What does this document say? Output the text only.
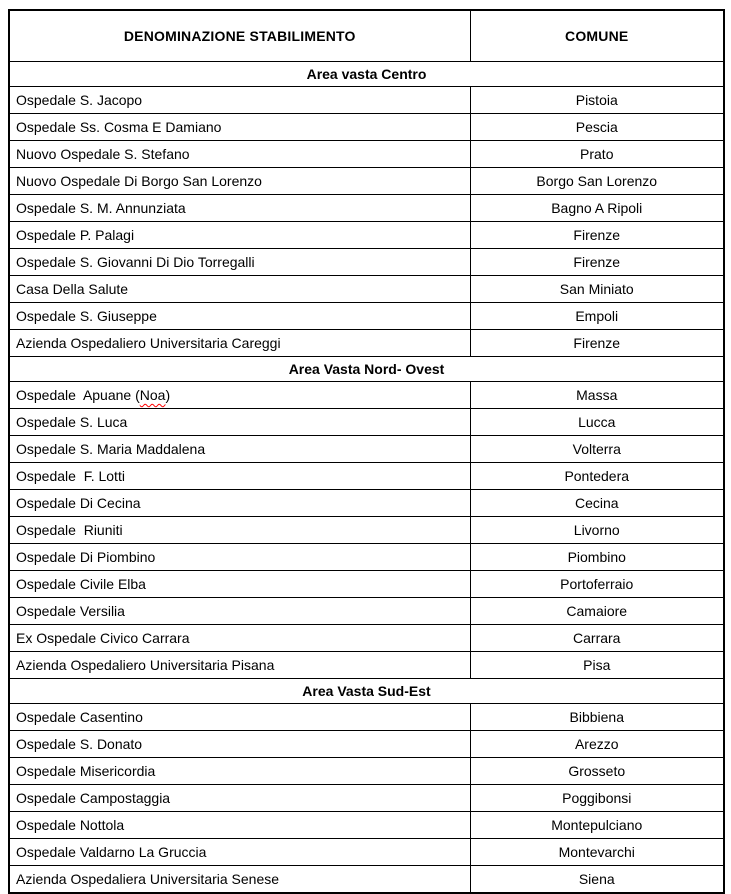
DENOMINAZIONE STABILIMENTO	COMUNE
Area vasta Centro	
Ospedale S. Jacopo	Pistoia
Ospedale Ss. Cosma E Damiano	Pescia
Nuovo Ospedale S. Stefano	Prato
Nuovo Ospedale Di Borgo San Lorenzo	Borgo San Lorenzo
Ospedale S. M. Annunziata	Bagno A Ripoli
Ospedale P. Palagi	Firenze
Ospedale S. Giovanni Di Dio Torregalli	Firenze
Casa Della Salute	San Miniato
Ospedale S. Giuseppe	Empoli
Azienda Ospedaliero Universitaria Careggi	Firenze
Area Vasta Nord- Ovest	
Ospedale  Apuane (Noa)	Massa
Ospedale S. Luca	Lucca
Ospedale S. Maria Maddalena	Volterra
Ospedale  F. Lotti	Pontedera
Ospedale Di Cecina	Cecina
Ospedale  Riuniti	Livorno
Ospedale Di Piombino	Piombino
Ospedale Civile Elba	Portoferraio
Ospedale Versilia	Camaiore
Ex Ospedale Civico Carrara	Carrara
Azienda Ospedaliero Universitaria Pisana	Pisa
Area Vasta Sud-Est	
Ospedale Casentino	Bibbiena
Ospedale S. Donato	Arezzo
Ospedale Misericordia	Grosseto
Ospedale Campostaggia	Poggibonsi
Ospedale Nottola	Montepulciano
Ospedale Valdarno La Gruccia	Montevarchi
Azienda Ospedaliera Universitaria Senese	Siena
